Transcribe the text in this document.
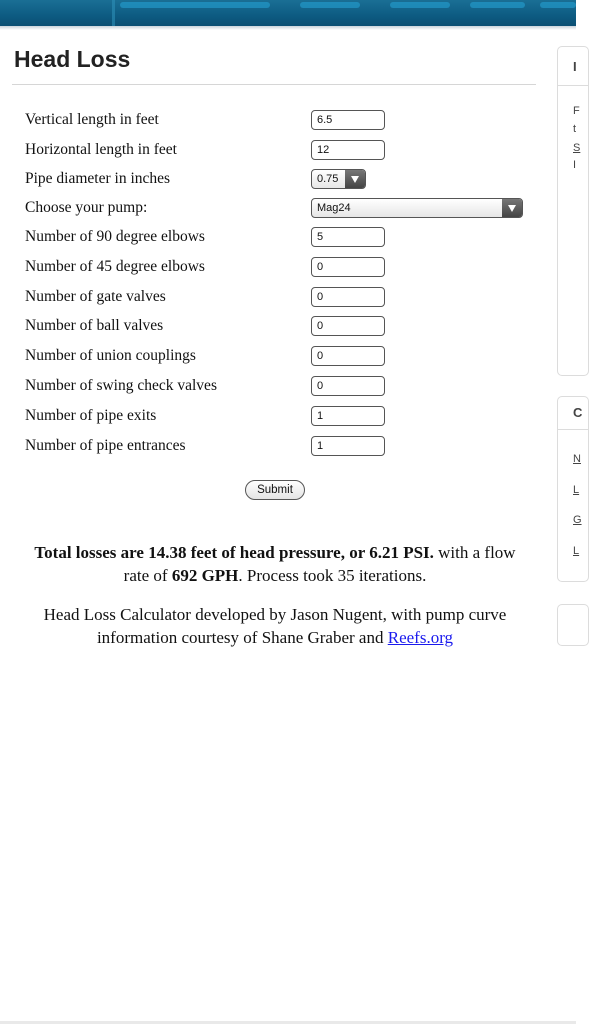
Head Loss	I
F
t
S
I
C
N
L
G
L
Vertical length in feet	6.5
Horizontal length in feet	12
Pipe diameter in inches	0.75
Choose your pump:	Mag24
Number of 90 degree elbows	5
Number of 45 degree elbows	0
Number of gate valves	0
Number of ball valves	0
Number of union couplings	0
Number of swing check valves	0
Number of pipe exits	1
Number of pipe entrances	1
Submit
Total losses are 14.38 feet of head pressure, or 6.21 PSI. with a flow rate of 692 GPH. Process took 35 iterations.
Head Loss Calculator developed by Jason Nugent, with pump curve information courtesy of Shane Graber and Reefs.org
